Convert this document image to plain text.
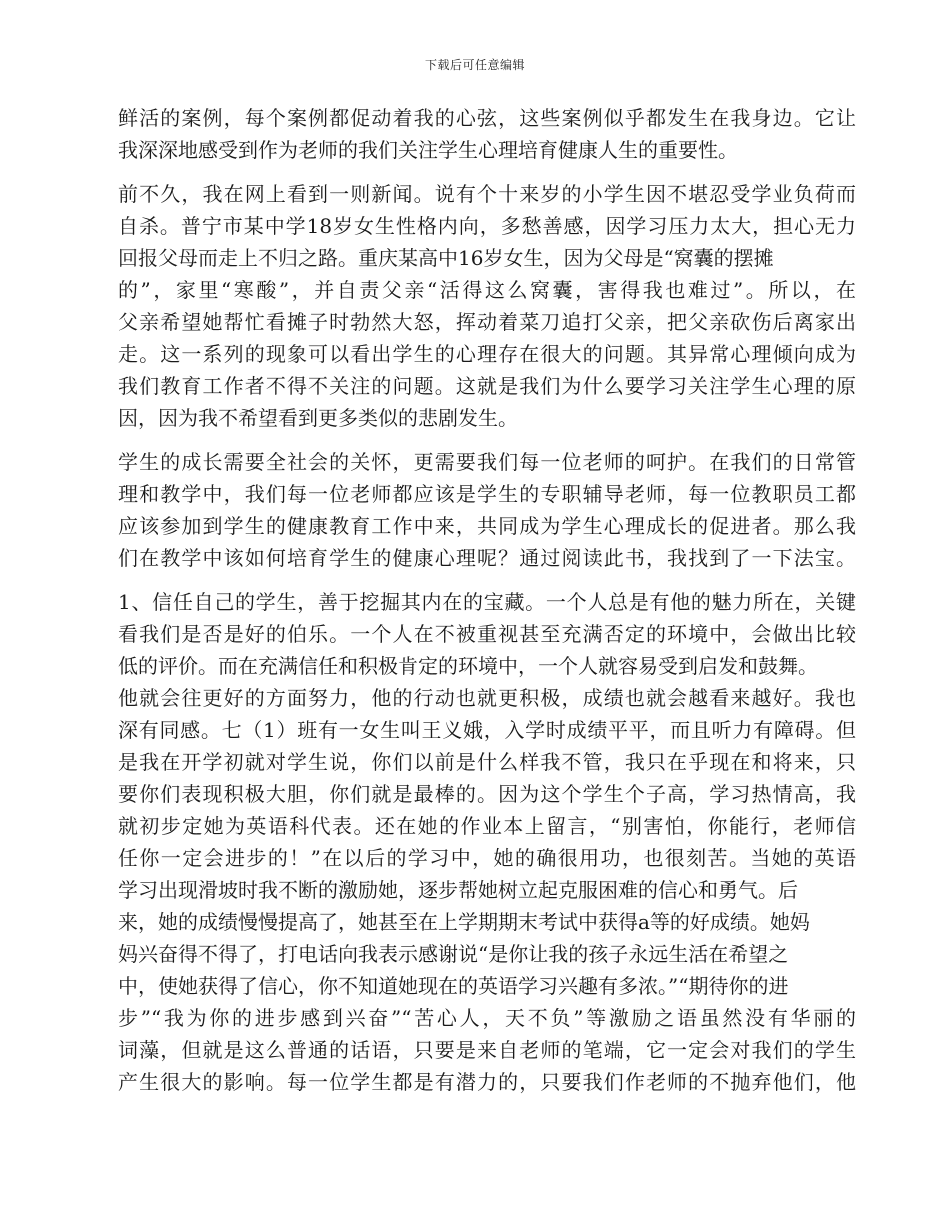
下载后可任意编辑
鲜活的案例，每个案例都促动着我的心弦，这些案例似乎都发生在我身边。它让
我深深地感受到作为老师的我们关注学生心理培育健康人生的重要性。
前不久，我在网上看到一则新闻。说有个十来岁的小学生因不堪忍受学业负荷而
自杀。普宁市某中学18岁女生性格内向，多愁善感，因学习压力太大，担心无力
回报父母而走上不归之路。重庆某高中16岁女生，因为父母是“窝囊的摆摊
的”，家里“寒酸”，并自责父亲“活得这么窝囊，害得我也难过”。所以，在
父亲希望她帮忙看摊子时勃然大怒，挥动着菜刀追打父亲，把父亲砍伤后离家出
走。这一系列的现象可以看出学生的心理存在很大的问题。其异常心理倾向成为
我们教育工作者不得不关注的问题。这就是我们为什么要学习关注学生心理的原
因，因为我不希望看到更多类似的悲剧发生。
学生的成长需要全社会的关怀，更需要我们每一位老师的呵护。在我们的日常管
理和教学中，我们每一位老师都应该是学生的专职辅导老师，每一位教职员工都
应该参加到学生的健康教育工作中来，共同成为学生心理成长的促进者。那么我
们在教学中该如何培育学生的健康心理呢？通过阅读此书，我找到了一下法宝。
1、信任自己的学生，善于挖掘其内在的宝藏。一个人总是有他的魅力所在，关键
看我们是否是好的伯乐。一个人在不被重视甚至充满否定的环境中，会做出比较
低的评价。而在充满信任和积极肯定的环境中，一个人就容易受到启发和鼓舞。
他就会往更好的方面努力，他的行动也就更积极，成绩也就会越看来越好。我也
深有同感。七（1）班有一女生叫王义娥，入学时成绩平平，而且听力有障碍。但
是我在开学初就对学生说，你们以前是什么样我不管，我只在乎现在和将来，只
要你们表现积极大胆，你们就是最棒的。因为这个学生个子高，学习热情高，我
就初步定她为英语科代表。还在她的作业本上留言，“别害怕，你能行，老师信
任你一定会进步的！”在以后的学习中，她的确很用功，也很刻苦。当她的英语
学习出现滑坡时我不断的激励她，逐步帮她树立起克服困难的信心和勇气。后
来，她的成绩慢慢提高了，她甚至在上学期期末考试中获得a等的好成绩。她妈
妈兴奋得不得了，打电话向我表示感谢说“是你让我的孩子永远生活在希望之
中，使她获得了信心，你不知道她现在的英语学习兴趣有多浓。”“期待你的进
步”“我为你的进步感到兴奋”“苦心人，天不负”等激励之语虽然没有华丽的
词藻，但就是这么普通的话语，只要是来自老师的笔端，它一定会对我们的学生
产生很大的影响。每一位学生都是有潜力的，只要我们作老师的不抛弃他们，他
